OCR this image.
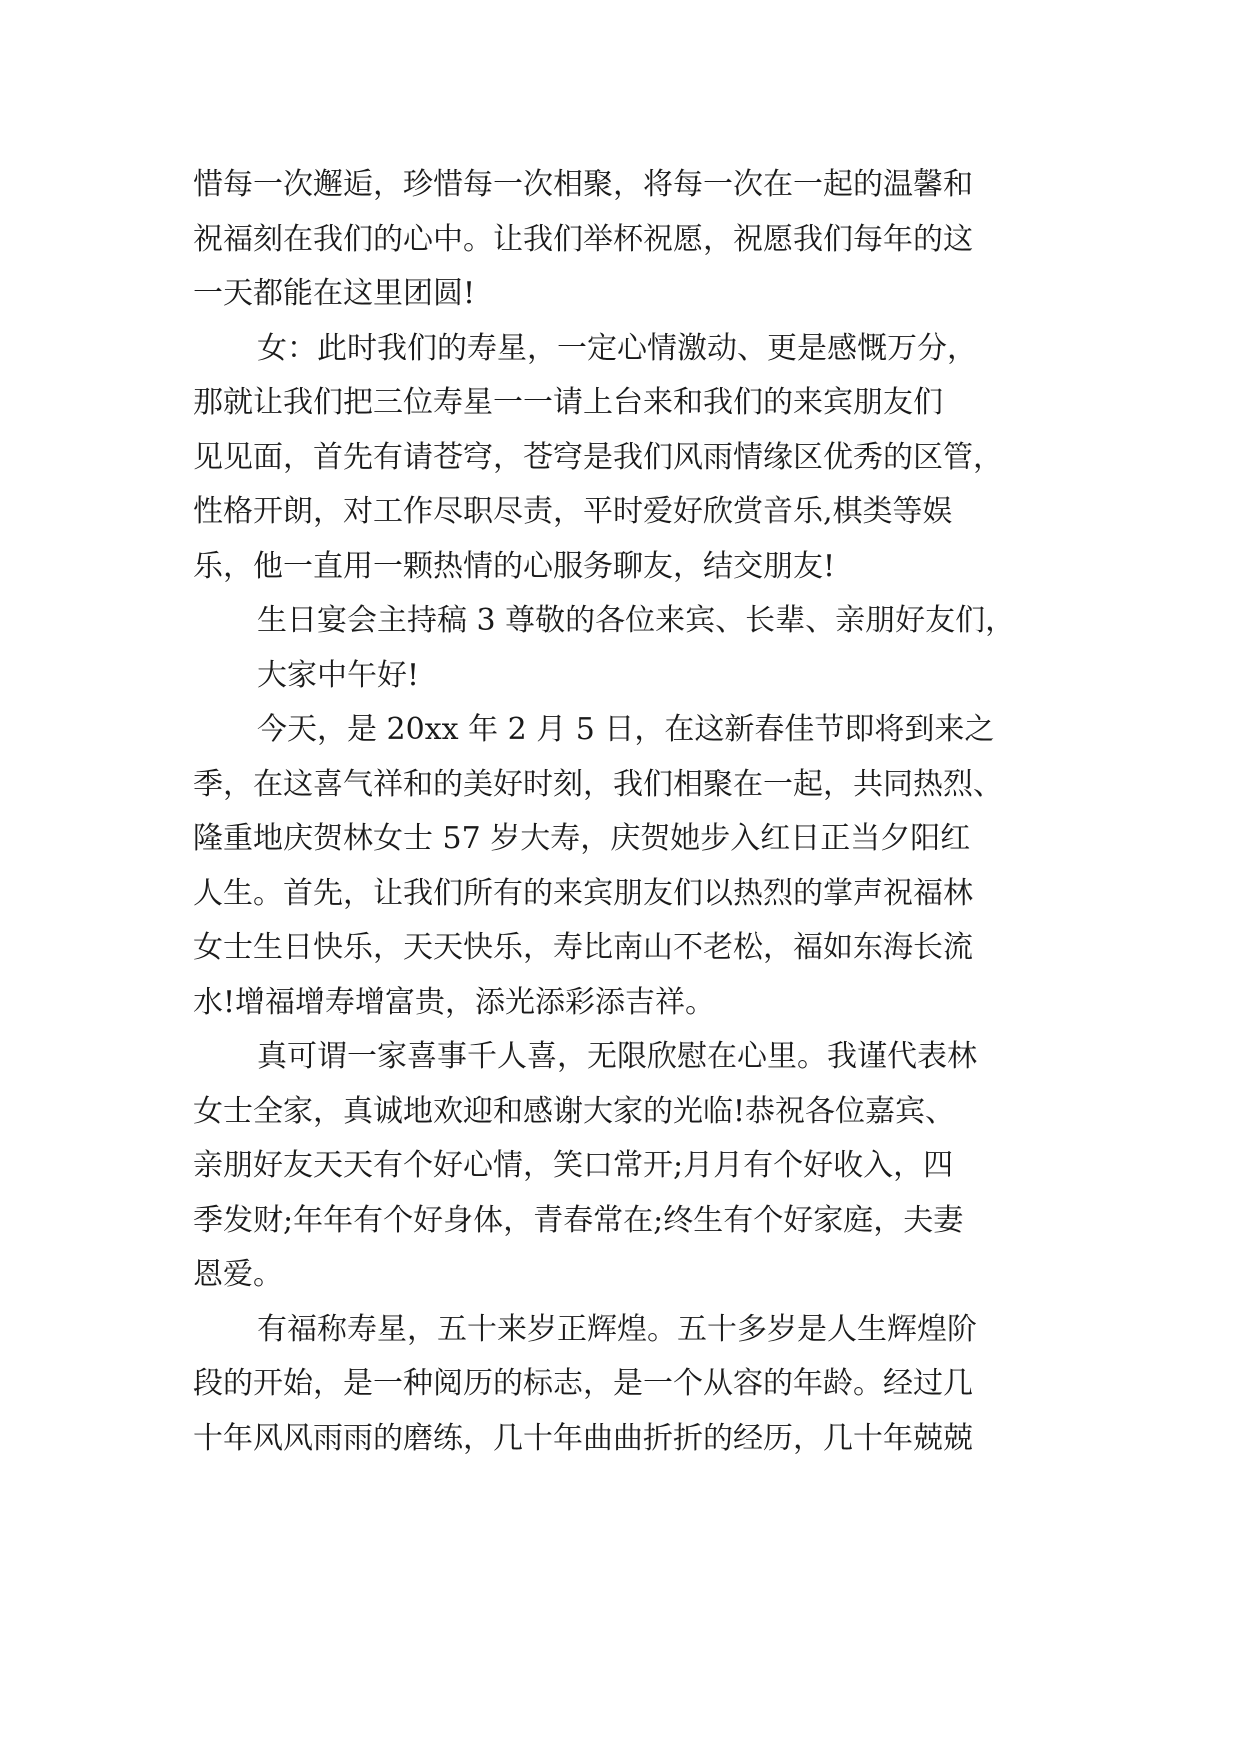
惜每一次邂逅，珍惜每一次相聚，将每一次在一起的温馨和
祝福刻在我们的心中。让我们举杯祝愿，祝愿我们每年的这
一天都能在这里团圆!
女：此时我们的寿星，一定心情激动、更是感慨万分，
那就让我们把三位寿星一一请上台来和我们的来宾朋友们
见见面，首先有请苍穹，苍穹是我们风雨情缘区优秀的区管，
性格开朗，对工作尽职尽责，平时爱好欣赏音乐,棋类等娱
乐，他一直用一颗热情的心服务聊友，结交朋友!
生日宴会主持稿 3 尊敬的各位来宾、长辈、亲朋好友们，
大家中午好!
今天，是 20xx 年 2 月 5 日，在这新春佳节即将到来之
季，在这喜气祥和的美好时刻，我们相聚在一起，共同热烈、
隆重地庆贺林女士 57 岁大寿，庆贺她步入红日正当夕阳红
人生。首先，让我们所有的来宾朋友们以热烈的掌声祝福林
女士生日快乐，天天快乐，寿比南山不老松，福如东海长流
水!增福增寿增富贵，添光添彩添吉祥。
真可谓一家喜事千人喜，无限欣慰在心里。我谨代表林
女士全家，真诚地欢迎和感谢大家的光临!恭祝各位嘉宾、
亲朋好友天天有个好心情，笑口常开;月月有个好收入，四
季发财;年年有个好身体，青春常在;终生有个好家庭，夫妻
恩爱。
有福称寿星，五十来岁正辉煌。五十多岁是人生辉煌阶
段的开始，是一种阅历的标志，是一个从容的年龄。经过几
十年风风雨雨的磨练，几十年曲曲折折的经历，几十年兢兢
